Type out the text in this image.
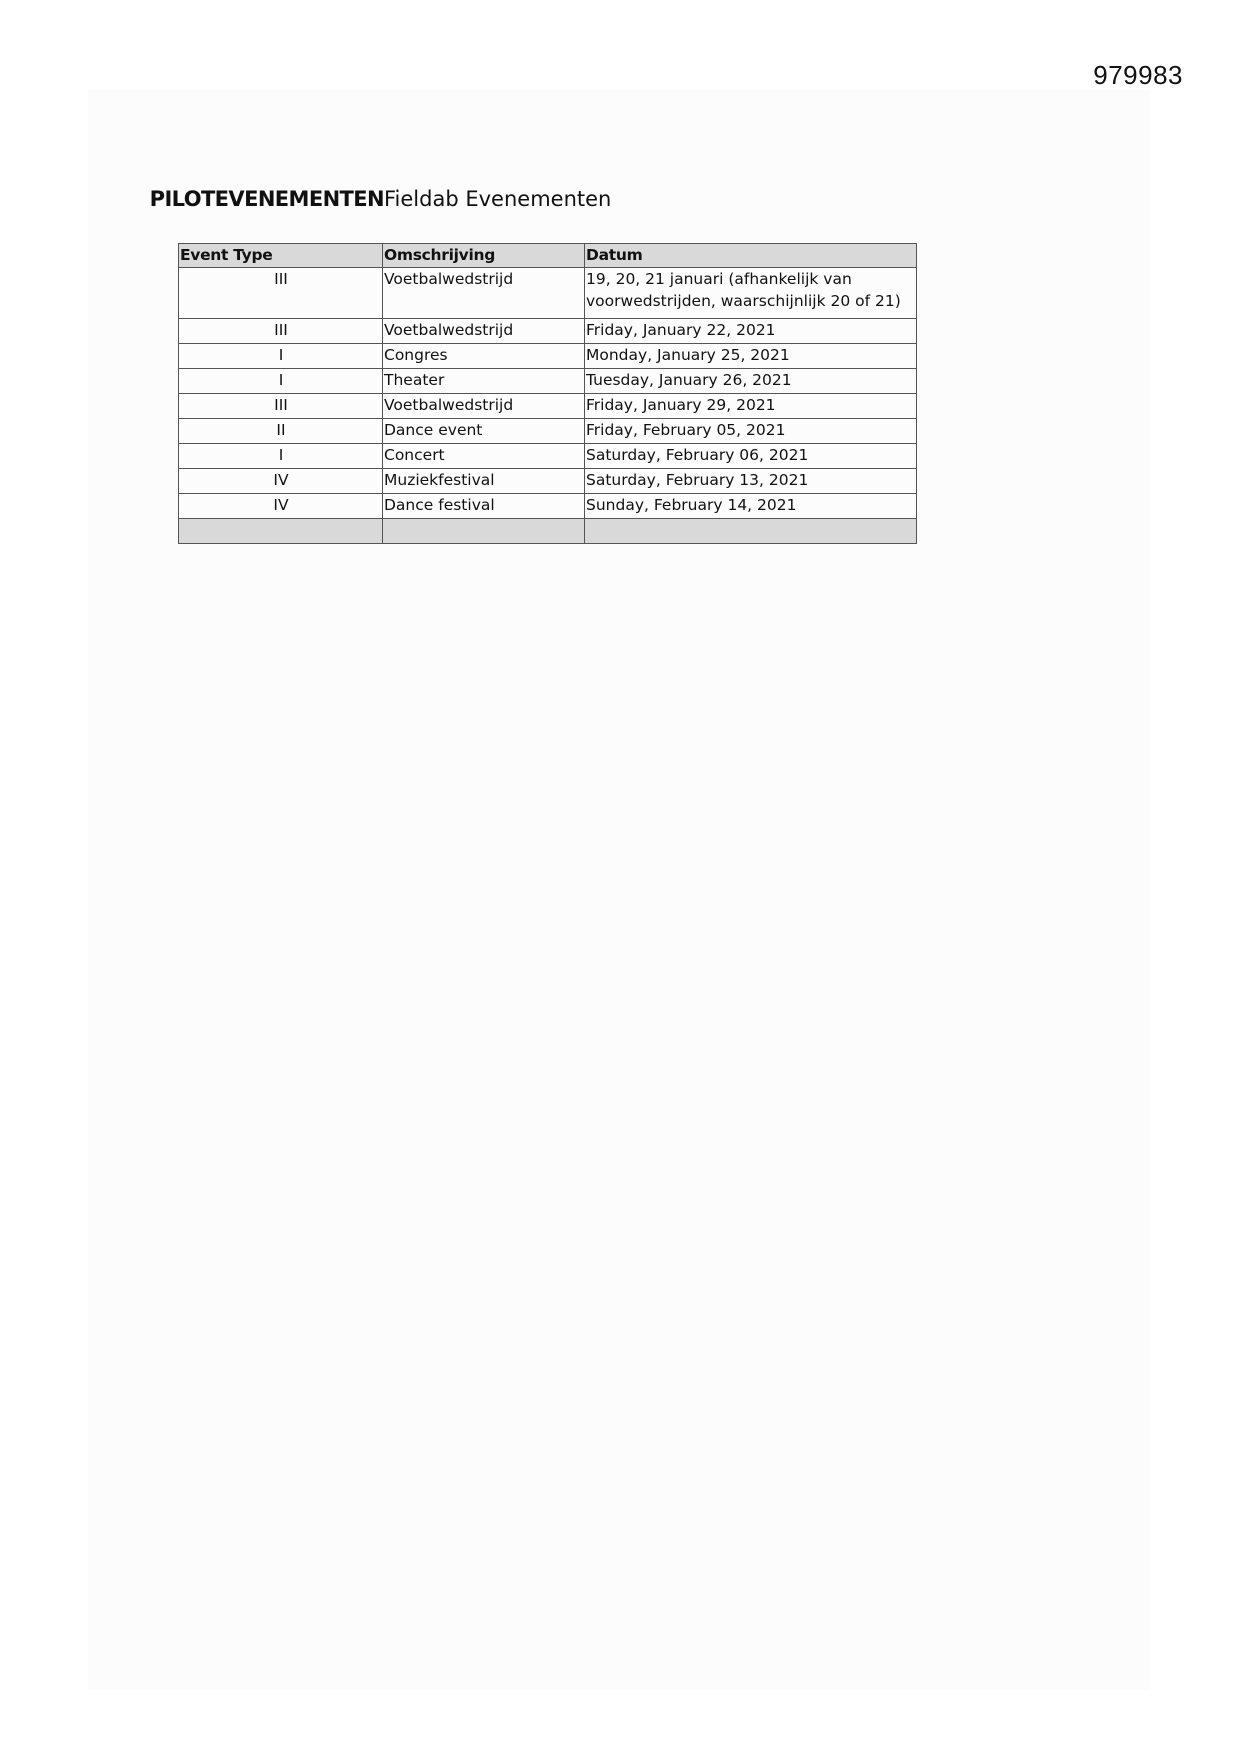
979983
PILOTEVENEMENTEN Fieldab Evenementen
Event Type	Omschrijving	Datum
III	Voetbalwedstrijd	19, 20, 21 januari (afhankelijk van
voorwedstrijden, waarschijnlijk 20 of 21)

III	Voetbalwedstrijd	Friday, January 22, 2021
I	Congres	Monday, January 25, 2021
I	Theater	Tuesday, January 26, 2021
III	Voetbalwedstrijd	Friday, January 29, 2021
II	Dance event	Friday, February 05, 2021
I	Concert	Saturday, February 06, 2021
IV	Muziekfestival	Saturday, February 13, 2021
IV	Dance festival	Sunday, February 14, 2021
